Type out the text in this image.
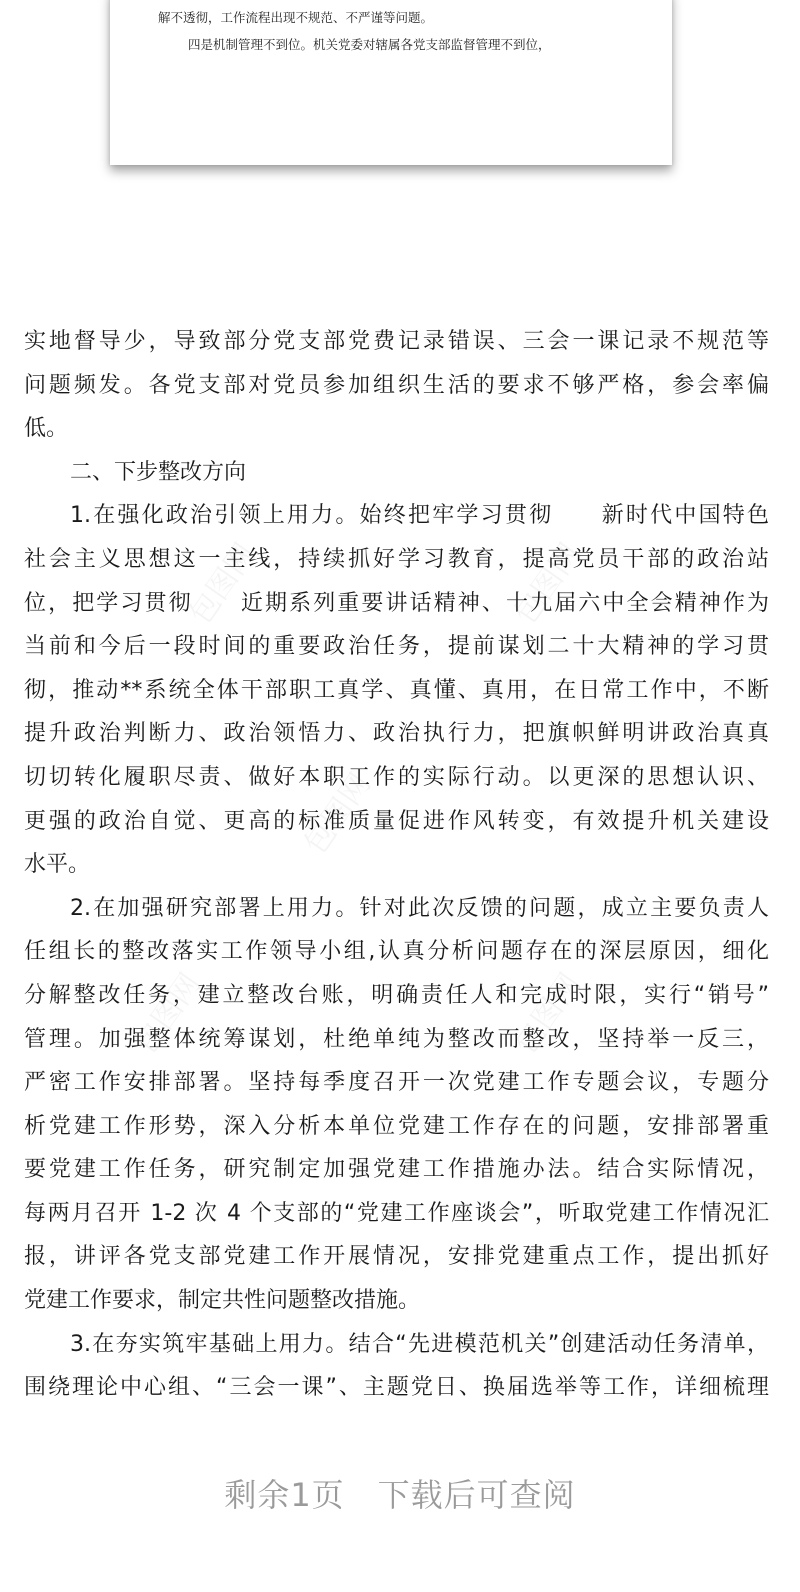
解不透彻，工作流程出现不规范、不严谨等问题。
四是机制管理不到位。机关党委对辖属各党支部监督管理不到位，

实地督导少，导致部分党支部党费记录错误、三会一课记录不规范等

问题频发。各党支部对党员参加组织生活的要求不够严格，参会率偏

低。

二、下步整改方向

1.在强化政治引领上用力。始终把牢学习贯彻　　新时代中国特色

社会主义思想这一主线，持续抓好学习教育，提高党员干部的政治站

位，把学习贯彻　　近期系列重要讲话精神、十九届六中全会精神作为

当前和今后一段时间的重要政治任务，提前谋划二十大精神的学习贯

彻，推动**系统全体干部职工真学、真懂、真用，在日常工作中，不断

提升政治判断力、政治领悟力、政治执行力，把旗帜鲜明讲政治真真

切切转化履职尽责、做好本职工作的实际行动。以更深的思想认识、

更强的政治自觉、更高的标准质量促进作风转变，有效提升机关建设

水平。

2.在加强研究部署上用力。针对此次反馈的问题，成立主要负责人

任组长的整改落实工作领导小组,认真分析问题存在的深层原因，细化

分解整改任务，建立整改台账，明确责任人和完成时限，实行“销号”

管理。加强整体统筹谋划，杜绝单纯为整改而整改，坚持举一反三，

严密工作安排部署。坚持每季度召开一次党建工作专题会议，专题分

析党建工作形势，深入分析本单位党建工作存在的问题，安排部署重

要党建工作任务，研究制定加强党建工作措施办法。结合实际情况，

每两月召开 1-2 次 4 个支部的“党建工作座谈会”，听取党建工作情况汇

报，讲评各党支部党建工作开展情况，安排党建重点工作，提出抓好

党建工作要求，制定共性问题整改措施。

3.在夯实筑牢基础上用力。结合“先进模范机关”创建活动任务清单，

围绕理论中心组、“三会一课”、主题党日、换届选举等工作，详细梳理

剩余1页　下载后可查阅
